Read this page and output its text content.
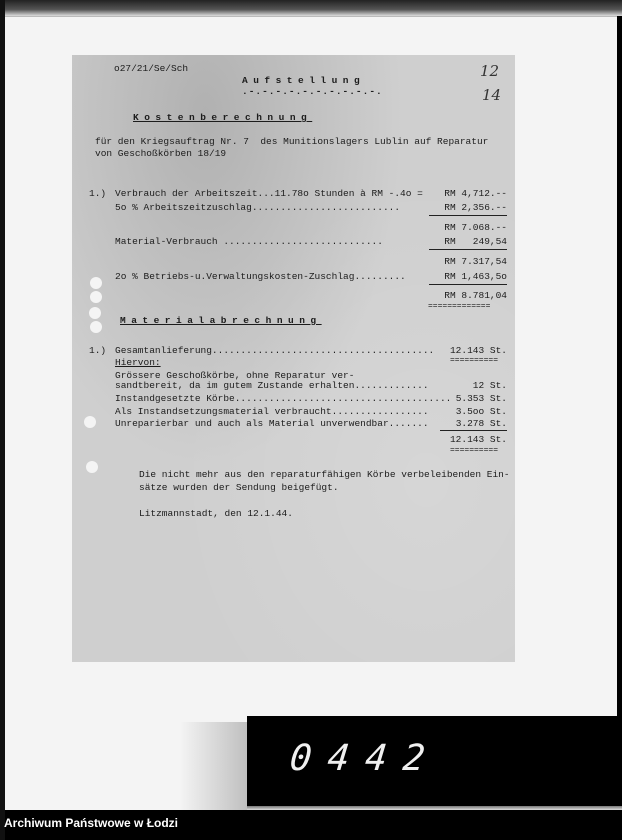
o27/21/Se/Sch
Aufstellung
.-.-.-.-.-.-.-.-.-.-.
12
14
Kostenberechnung
für den Kriegsauftrag Nr. 7  des Munitionslagers Lublin auf Reparatur
von Geschoßkörben 18/19
1.) Verbrauch der Arbeitszeit...11.78o Stunden à RM -.4o =	RM 4,712.--
5o % Arbeitszeitzuschlag..........................	RM 2,356.--
RM 7.068.--
Material-Verbrauch ............................	RM   249,54
RM 7.317,54
2o % Betriebs-u.Verwaltungskosten-Zuschlag.........	RM 1,463,5o
RM 8.781,04
=============
Materialabrechnung
1.) Gesamtanlieferung.......................................	12.143 St.
==========
Hiervon:
Grössere Geschoßkörbe, ohne Reparatur ver-
sandtbereit, da im gutem Zustande erhalten.............	12 St.
Instandgesetzte Körbe...................................... 5.353 St.
Als Instandsetzungsmaterial verbraucht.................	3.5oo St.
Unreparierbar und auch als Material unverwendbar.......	3.278 St.
12.143 St.
==========
Die nicht mehr aus den reparaturfähigen Körbe verbeleibenden Ein-
sätze wurden der Sendung beigefügt.
Litzmannstadt, den 12.1.44.
0442
Archiwum Państwowe w Łodzi
